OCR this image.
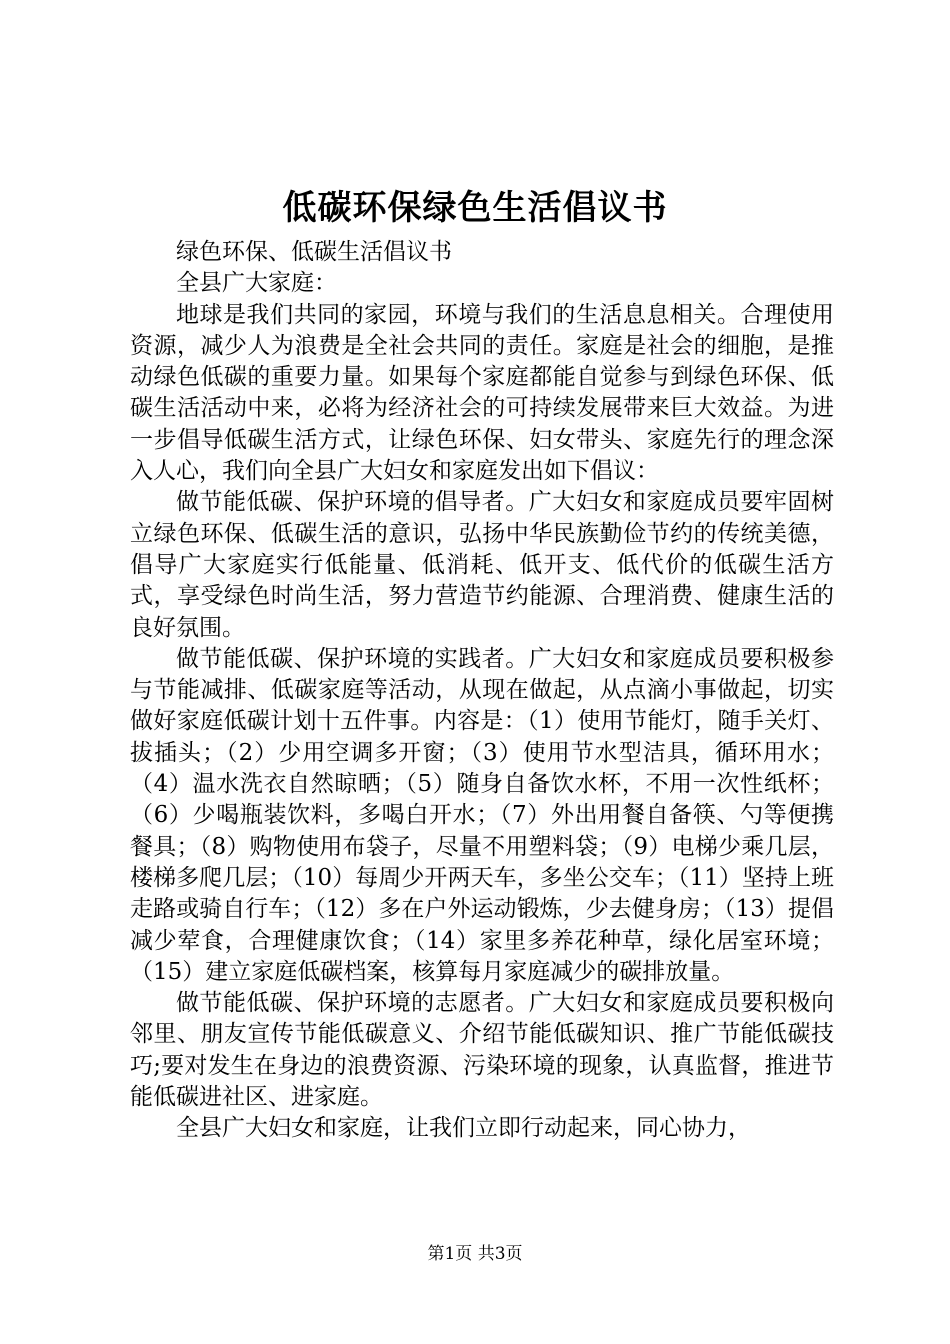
低碳环保绿色生活倡议书

绿色环保、低碳生活倡议书

全县广大家庭：

地球是我们共同的家园，环境与我们的生活息息相关。合理使用资源，减少人为浪费是全社会共同的责任。家庭是社会的细胞，是推动绿色低碳的重要力量。如果每个家庭都能自觉参与到绿色环保、低碳生活活动中来，必将为经济社会的可持续发展带来巨大效益。为进一步倡导低碳生活方式，让绿色环保、妇女带头、家庭先行的理念深入人心，我们向全县广大妇女和家庭发出如下倡议：

做节能低碳、保护环境的倡导者。广大妇女和家庭成员要牢固树立绿色环保、低碳生活的意识，弘扬中华民族勤俭节约的传统美德，倡导广大家庭实行低能量、低消耗、低开支、低代价的低碳生活方式，享受绿色时尚生活，努力营造节约能源、合理消费、健康生活的良好氛围。

做节能低碳、保护环境的实践者。广大妇女和家庭成员要积极参与节能减排、低碳家庭等活动，从现在做起，从点滴小事做起，切实做好家庭低碳计划十五件事。内容是：（1）使用节能灯，随手关灯、拔插头；（2）少用空调多开窗；（3）使用节水型洁具，循环用水；（4）温水洗衣自然晾晒；（5）随身自备饮水杯，不用一次性纸杯；（6）少喝瓶装饮料，多喝白开水；（7）外出用餐自备筷、勺等便携餐具；（8）购物使用布袋子，尽量不用塑料袋；（9）电梯少乘几层，楼梯多爬几层；（10）每周少开两天车，多坐公交车；（11）坚持上班走路或骑自行车；（12）多在户外运动锻炼，少去健身房；（13）提倡减少荤食，合理健康饮食；（14）家里多养花种草，绿化居室环境；（15）建立家庭低碳档案，核算每月家庭减少的碳排放量。

做节能低碳、保护环境的志愿者。广大妇女和家庭成员要积极向邻里、朋友宣传节能低碳意义、介绍节能低碳知识、推广节能低碳技巧;要对发生在身边的浪费资源、污染环境的现象，认真监督，推进节能低碳进社区、进家庭。

全县广大妇女和家庭，让我们立即行动起来，同心协力，

第1页 共3页
